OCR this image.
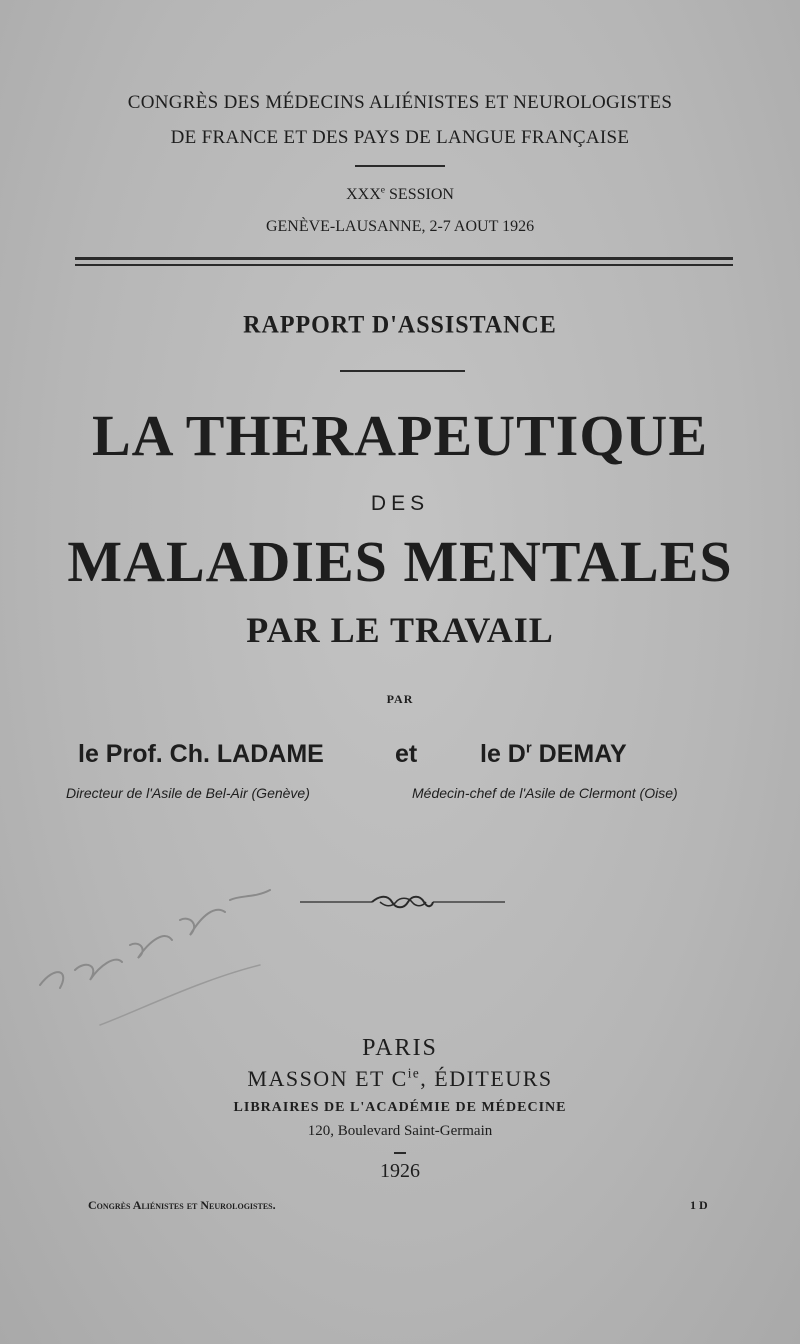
CONGRÈS DES MÉDECINS ALIÉNISTES ET NEUROLOGISTES
DE FRANCE ET DES PAYS DE LANGUE FRANÇAISE
XXXe SESSION
GENÈVE-LAUSANNE, 2-7 AOUT 1926
RAPPORT D'ASSISTANCE
LA THERAPEUTIQUE
DES
MALADIES MENTALES
PAR LE TRAVAIL
PAR
le Prof. Ch. LADAME	et	le $D^r$ DEMAY
Directeur de l'Asile de Bel-Air (Genève)	Médecin-chef de l'Asile de Clermont (Oise)
PARIS
MASSON ET $C^{ie}$, ÉDITEURS
LIBRAIRES DE L'ACADÉMIE DE MÉDECINE
120, Boulevard Saint-Germain
1926
Congrès Aliénistes et Neurologistes.	1 D
